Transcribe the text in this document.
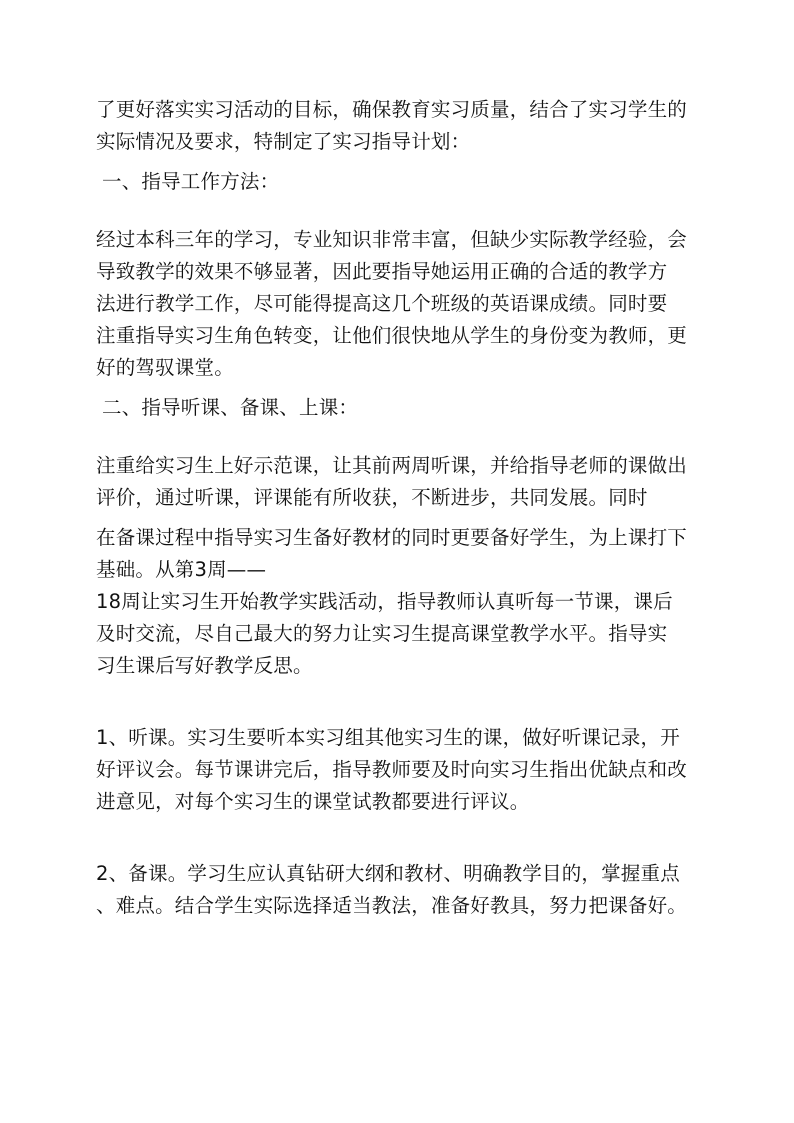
了更好落实实习活动的目标，确保教育实习质量，结合了实习学生的
实际情况及要求，特制定了实习指导计划：

一、指导工作方法：

经过本科三年的学习，专业知识非常丰富，但缺少实际教学经验，会
导致教学的效果不够显著，因此要指导她运用正确的合适的教学方
法进行教学工作，尽可能得提高这几个班级的英语课成绩。同时要
注重指导实习生角色转变，让他们很快地从学生的身份变为教师，更
好的驾驭课堂。

二、指导听课、备课、上课：

注重给实习生上好示范课，让其前两周听课，并给指导老师的课做出
评价，通过听课，评课能有所收获，不断进步，共同发展。同时

在备课过程中指导实习生备好教材的同时更要备好学生，为上课打下
基础。从第3周——
18周让实习生开始教学实践活动，指导教师认真听每一节课，课后
及时交流，尽自己最大的努力让实习生提高课堂教学水平。指导实
习生课后写好教学反思。

1、听课。实习生要听本实习组其他实习生的课，做好听课记录，开
好评议会。每节课讲完后，指导教师要及时向实习生指出优缺点和改
进意见，对每个实习生的课堂试教都要进行评议。

2、备课。学习生应认真钻研大纲和教材、明确教学目的，掌握重点
、难点。结合学生实际选择适当教法，准备好教具，努力把课备好。
